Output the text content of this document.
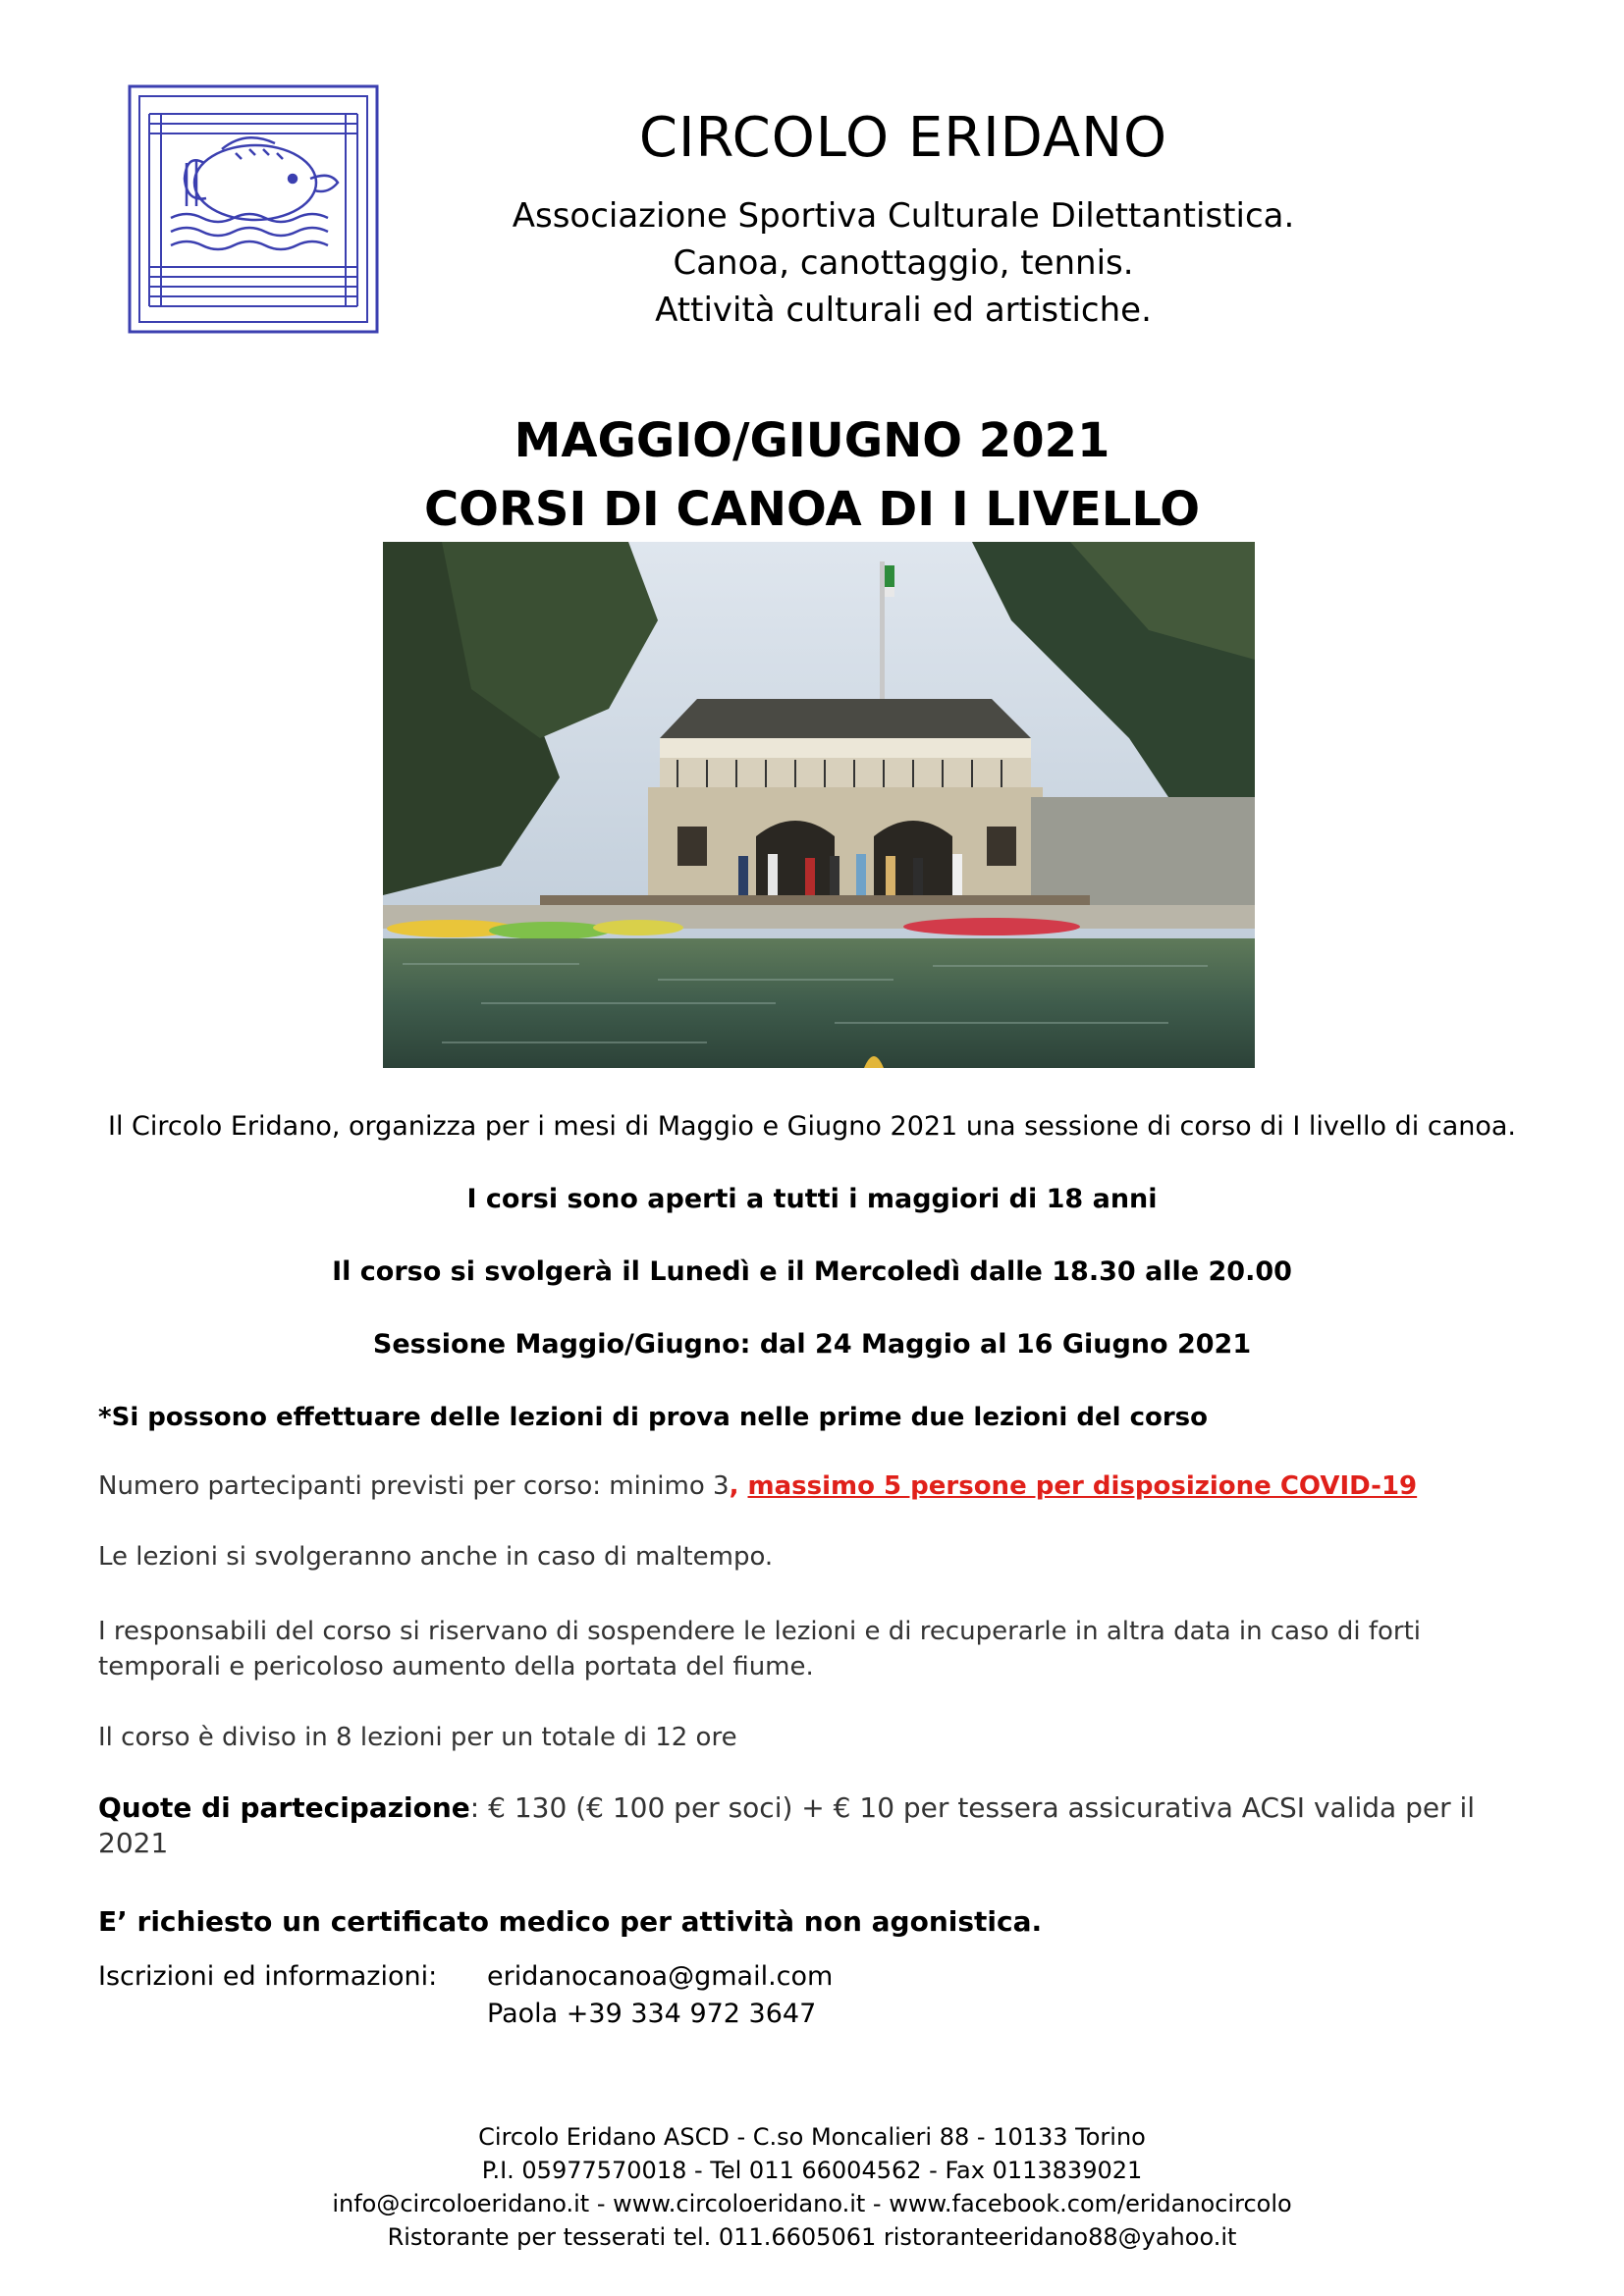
CIRCOLO ERIDANO
Associazione Sportiva Culturale Dilettantistica.
Canoa, canottaggio, tennis.
Attività culturali ed artistiche.
MAGGIO/GIUGNO 2021
CORSI DI CANOA DI I LIVELLO
Il Circolo Eridano, organizza per i mesi di Maggio e Giugno 2021 una sessione di corso di I livello di canoa.
I corsi sono aperti a tutti i maggiori di 18 anni
Il corso si svolgerà il Lunedì e il Mercoledì dalle 18.30 alle 20.00
Sessione Maggio/Giugno: dal 24 Maggio al 16 Giugno 2021
*Si possono effettuare delle lezioni di prova nelle prime due lezioni del corso
Numero partecipanti previsti per corso: minimo 3, massimo 5 persone per disposizione COVID-19
Le lezioni si svolgeranno anche in caso di maltempo.
I responsabili del corso si riservano di sospendere le lezioni e di recuperarle in altra data in caso di forti temporali e pericoloso aumento della portata del fiume.
Il corso è diviso in 8 lezioni per un totale di 12 ore
Quote di partecipazione: € 130 (€ 100 per soci) + € 10 per tessera assicurativa ACSI valida per il 2021
E’ richiesto un certificato medico per attività non agonistica.
Iscrizioni ed informazioni: eridanocanoa@gmail.com
Paola +39 334 972 3647
Circolo Eridano ASCD - C.so Moncalieri 88 - 10133 Torino
P.I. 05977570018 - Tel 011 66004562 - Fax 0113839021
info@circoloeridano.it - www.circoloeridano.it - www.facebook.com/eridanocircolo
Ristorante per tesserati tel. 011.6605061 ristoranteeridano88@yahoo.it
